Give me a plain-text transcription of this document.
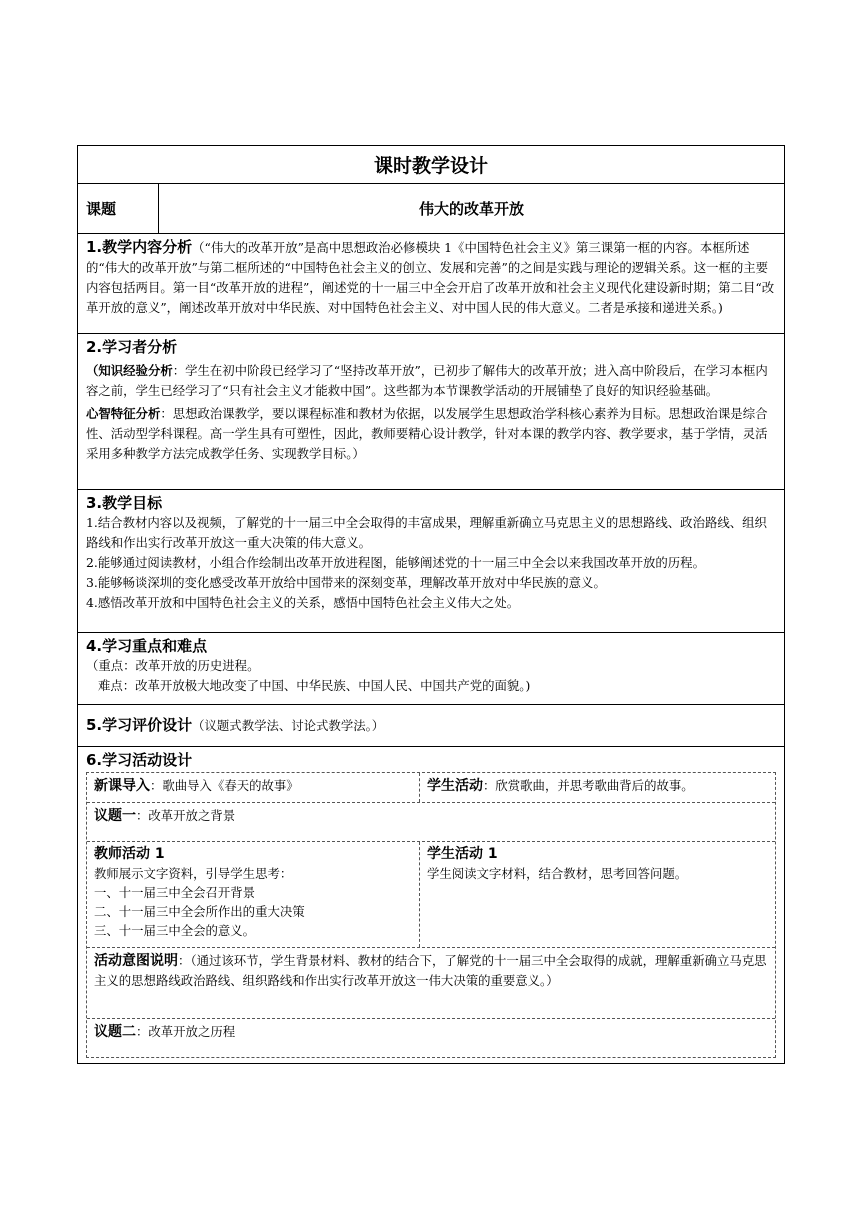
课时教学设计
课题	伟大的改革开放

1.教学内容分析（“伟大的改革开放”是高中思想政治必修模块 1《中国特色社会主义》第三课第一框的内容。本框所述的“伟大的改革开放”与第二框所述的“中国特色社会主义的创立、发展和完善”的之间是实践与理论的逻辑关系。这一框的主要内容包括两目。第一目“改革开放的进程”，阐述党的十一届三中全会开启了改革开放和社会主义现代化建设新时期；第二目“改革开放的意义”，阐述改革开放对中华民族、对中国特色社会主义、对中国人民的伟大意义。二者是承接和递进关系。)

2.学习者分析

（知识经验分析：学生在初中阶段已经学习了“坚持改革开放”，已初步了解伟大的改革开放；进入高中阶段后，在学习本框内容之前，学生已经学习了“只有社会主义才能救中国”。这些都为本节课教学活动的开展铺垫了良好的知识经验基础。

心智特征分析：思想政治课教学，要以课程标准和教材为依据，以发展学生思想政治学科核心素养为目标。思想政治课是综合性、活动型学科课程。高一学生具有可塑性，因此，教师要精心设计教学，针对本课的教学内容、教学要求，基于学情，灵活采用多种教学方法完成教学任务、实现教学目标。）

3.教学目标

1.结合教材内容以及视频，了解党的十一届三中全会取得的丰富成果，理解重新确立马克思主义的思想路线、政治路线、组织路线和作出实行改革开放这一重大决策的伟大意义。

2.能够通过阅读教材，小组合作绘制出改革开放进程图，能够阐述党的十一届三中全会以来我国改革开放的历程。

3.能够畅谈深圳的变化感受改革开放给中国带来的深刻变革，理解改革开放对中华民族的意义。

4.感悟改革开放和中国特色社会主义的关系，感悟中国特色社会主义伟大之处。

4.学习重点和难点

（重点：改革开放的历史进程。

难点：改革开放极大地改变了中国、中华民族、中国人民、中国共产党的面貌。)

5.学习评价设计（议题式教学法、讨论式教学法。）

6.学习活动设计

新课导入：歌曲导入《春天的故事》	学生活动：欣赏歌曲，并思考歌曲背后的故事。
议题一：改革开放之背景

教师活动 1

教师展示文字资料，引导学生思考：

一、十一届三中全会召开背景

二、十一届三中全会所作出的重大决策

三、十一届三中全会的意义。

学生活动 1

学生阅读文字材料，结合教材，思考回答问题。

活动意图说明：（通过该环节，学生背景材料、教材的结合下，了解党的十一届三中全会取得的成就，理解重新确立马克思主义的思想路线政治路线、组织路线和作出实行改革开放这一伟大决策的重要意义。）
议题二：改革开放之历程
